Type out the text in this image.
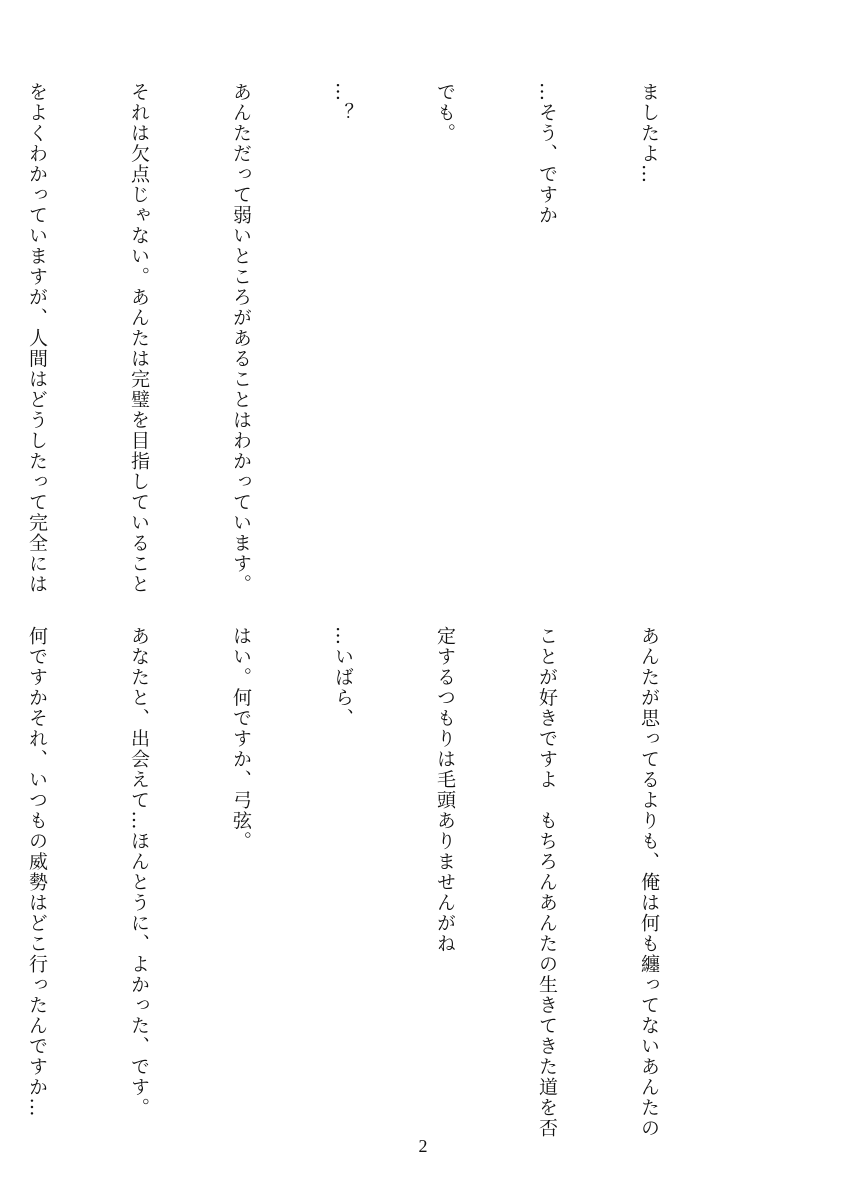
ましたよ…

…そう、ですか

でも。

…？

あんただって弱いところがあることはわかっています。

それは欠点じゃない。あんたは完璧を目指していること

をよくわかっていますが、人間はどうしたって完全には

あんたが思ってるよりも、俺は何も纏ってないあんたの

ことが好きですよ　もちろんあんたの生きてきた道を否

定するつもりは毛頭ありませんがね

…いばら、

はい。何ですか、弓弦。

あなたと、出会えて…ほんとうに、よかった、です。

何ですかそれ、いつもの威勢はどこ行ったんですか…

2
